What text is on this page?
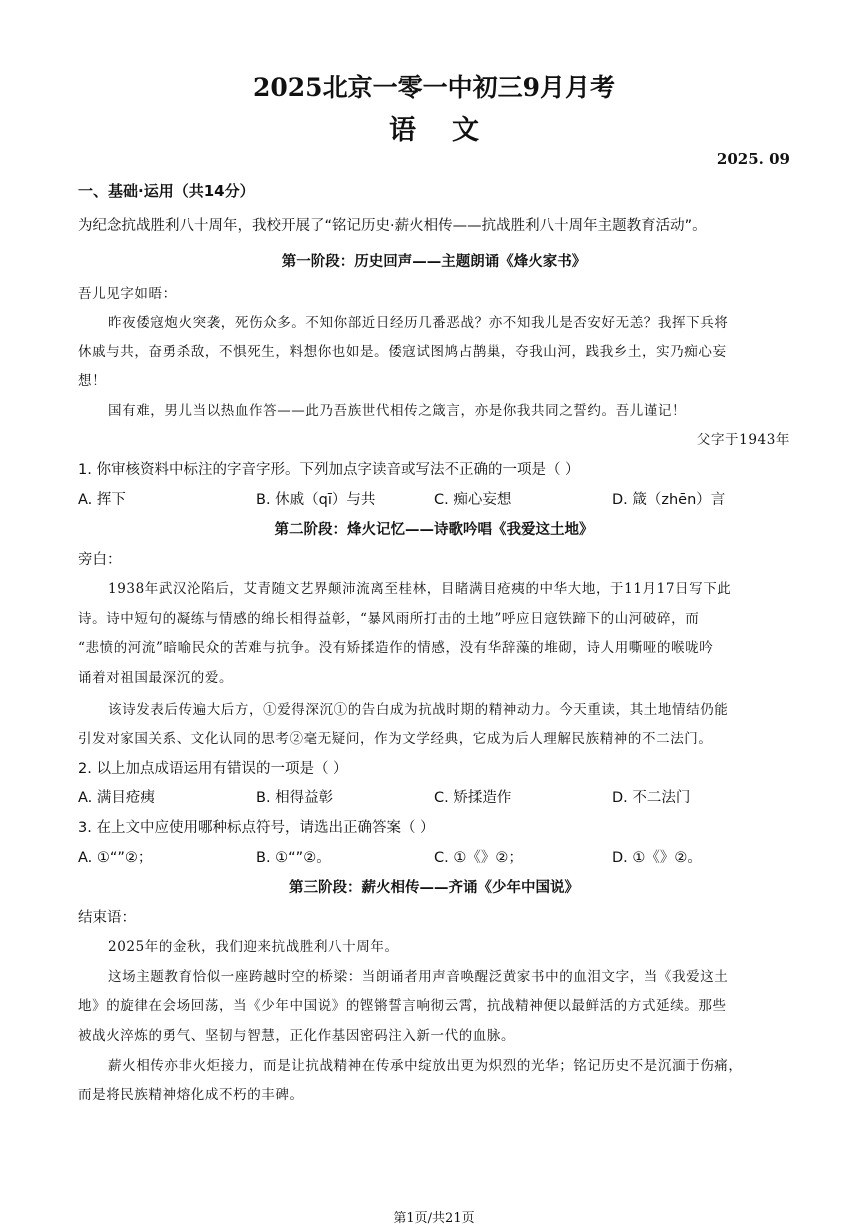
2025北京一零一中初三9月月考
语文
2025. 09
一、基础·运用（共14分）
为纪念抗战胜利八十周年，我校开展了“铭记历史·薪火相传——抗战胜利八十周年主题教育活动”。
第一阶段：历史回声——主题朗诵《烽火家书》
吾儿见字如晤：
昨夜倭寇炮火突袭，死伤众多。不知你部近日经历几番恶战？亦不知我儿是否安好无恙？我挥下兵将
休戚与共，奋勇杀敌，不惧死生，料想你也如是。倭寇试图鸠占鹊巢，夺我山河，践我乡土，实乃痴心妄
想！
国有难，男儿当以热血作答——此乃吾族世代相传之箴言，亦是你我共同之誓约。吾儿谨记！
父字于1943年
1. 你审核资料中标注的字音字形。下列加点字读音或写法不正确的一项是（ ）
A. 挥下	B. 休戚（qī）与共	C. 痴心妄想	D. 箴（zhēn）言
第二阶段：烽火记忆——诗歌吟唱《我爱这土地》
旁白：
1938年武汉沦陷后，艾青随文艺界颠沛流离至桂林，目睹满目疮痍的中华大地，于11月17日写下此
诗。诗中短句的凝练与情感的绵长相得益彰，“暴风雨所打击的土地”呼应日寇铁蹄下的山河破碎，而
“悲愤的河流”暗喻民众的苦难与抗争。没有矫揉造作的情感，没有华辞藻的堆砌，诗人用嘶哑的喉咙吟
诵着对祖国最深沉的爱。
该诗发表后传遍大后方，①爱得深沉①的告白成为抗战时期的精神动力。今天重读，其土地情结仍能
引发对家国关系、文化认同的思考②毫无疑问，作为文学经典，它成为后人理解民族精神的不二法门。
2. 以上加点成语运用有错误的一项是（ ）
A. 满目疮痍	B. 相得益彰	C. 矫揉造作	D. 不二法门
3. 在上文中应使用哪种标点符号，请选出正确答案（ ）
A. ①“”②；	B. ①“”②。	C. ①《》②；	D. ①《》②。
第三阶段：薪火相传——齐诵《少年中国说》
结束语：
2025年的金秋，我们迎来抗战胜利八十周年。
这场主题教育恰似一座跨越时空的桥梁：当朗诵者用声音唤醒泛黄家书中的血泪文字，当《我爱这土
地》的旋律在会场回荡，当《少年中国说》的铿锵誓言响彻云霄，抗战精神便以最鲜活的方式延续。那些
被战火淬炼的勇气、坚韧与智慧，正化作基因密码注入新一代的血脉。
薪火相传亦非火炬接力，而是让抗战精神在传承中绽放出更为炽烈的光华；铭记历史不是沉湎于伤痛，
而是将民族精神熔化成不朽的丰碑。
第1页/共21页
